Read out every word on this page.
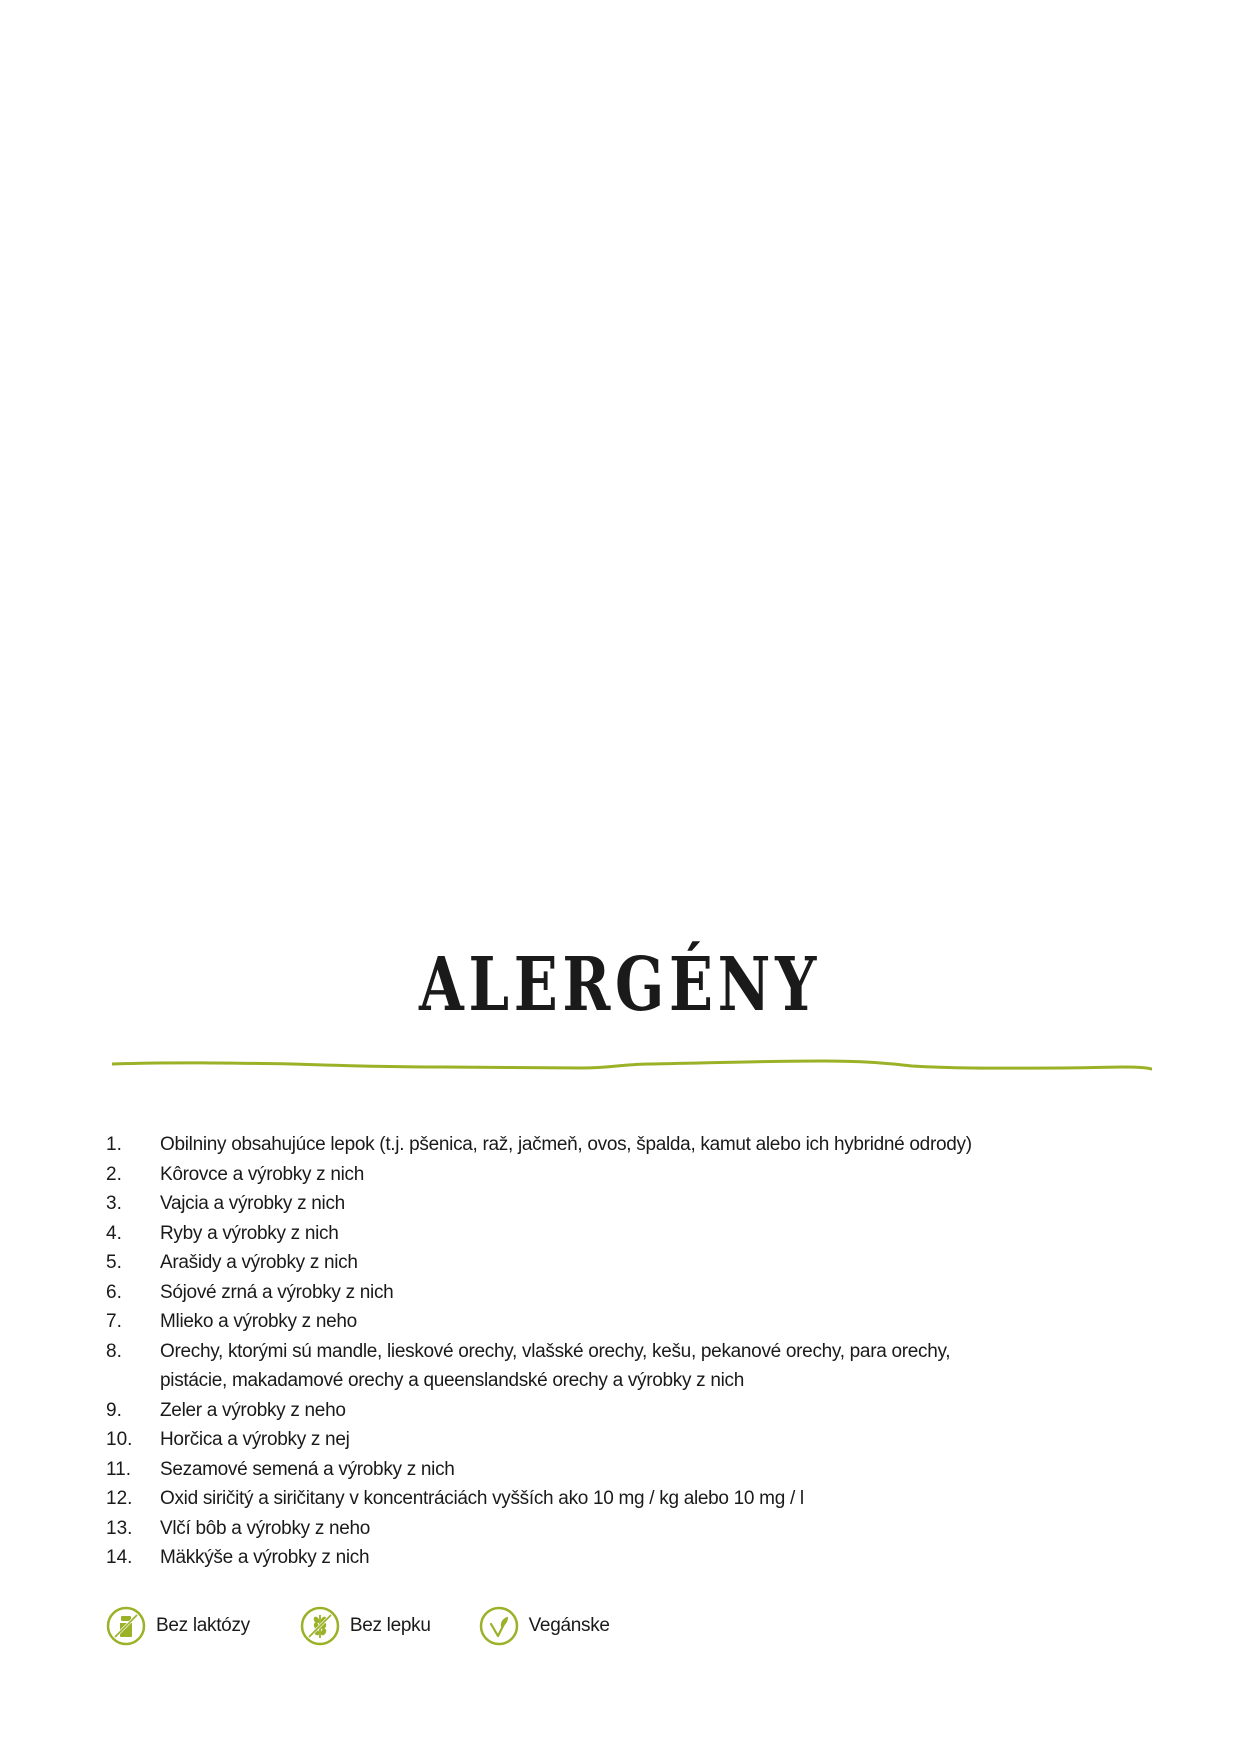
ALERGÉNY
1.	Obilniny obsahujúce lepok (t.j. pšenica, raž, jačmeň, ovos, špalda, kamut alebo ich hybridné odrody)
2.	Kôrovce a výrobky z nich
3.	Vajcia a výrobky z nich
4.	Ryby a výrobky z nich
5.	Arašidy a výrobky z nich
6.	Sójové zrná a výrobky z nich
7.	Mlieko a výrobky z neho
8.	Orechy, ktorými sú mandle, lieskové orechy, vlašské orechy, kešu, pekanové orechy, para orechy,
pistácie, makadamové orechy a queenslandské orechy a výrobky z nich
9.	Zeler a výrobky z neho
10.	Horčica a výrobky z nej
11.	Sezamové semená a výrobky z nich
12.	Oxid siričitý a siričitany v koncentráciách vyšších ako 10 mg / kg alebo 10 mg / l
13.	Vlčí bôb a výrobky z neho
14.	Mäkkýše a výrobky z nich
Bez laktózy	Bez lepku	Vegánske
